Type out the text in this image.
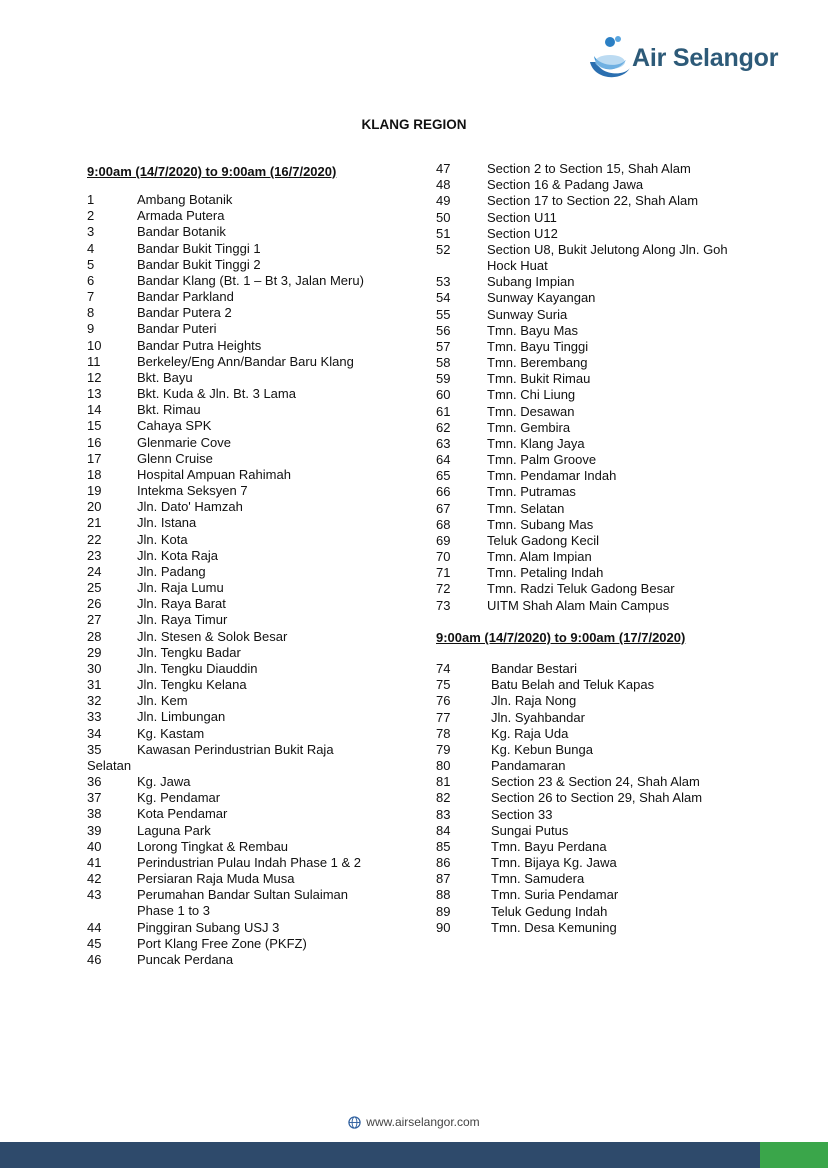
Air Selangor
KLANG REGION
9:00am (14/7/2020) to 9:00am (16/7/2020)
9:00am (14/7/2020) to 9:00am (17/7/2020)
1	Ambang Botanik
2	Armada Putera
3	Bandar Botanik
4	Bandar Bukit Tinggi 1
5	Bandar Bukit Tinggi 2
6	Bandar Klang (Bt. 1 – Bt 3, Jalan Meru)
7	Bandar Parkland
8	Bandar Putera 2
9	Bandar Puteri
10	Bandar Putra Heights
11	Berkeley/Eng Ann/Bandar Baru Klang
12	Bkt. Bayu
13	Bkt. Kuda & Jln. Bt. 3 Lama
14	Bkt. Rimau
15	Cahaya SPK
16	Glenmarie Cove
17	Glenn Cruise
18	Hospital Ampuan Rahimah
19	Intekma Seksyen 7
20	Jln. Dato' Hamzah
21	Jln. Istana
22	Jln. Kota
23	Jln. Kota Raja
24	Jln. Padang
25	Jln. Raja Lumu
26	Jln. Raya Barat
27	Jln. Raya Timur
28	Jln. Stesen & Solok Besar
29	Jln. Tengku Badar
30	Jln. Tengku Diauddin
31	Jln. Tengku Kelana
32	Jln. Kem
33	Jln. Limbungan
34	Kg. Kastam
35	Kawasan Perindustrian Bukit Raja
Selatan
36	Kg. Jawa
37	Kg. Pendamar
38	Kota Pendamar
39	Laguna Park
40	Lorong Tingkat & Rembau
41	Perindustrian Pulau Indah Phase 1 & 2
42	Persiaran Raja Muda Musa
43	Perumahan Bandar Sultan Sulaiman
Phase 1 to 3
44	Pinggiran Subang USJ 3
45	Port Klang Free Zone (PKFZ)
46	Puncak Perdana
47	Section 2 to Section 15, Shah Alam
48	Section 16 & Padang Jawa
49	Section 17 to Section 22, Shah Alam
50	Section U11
51	Section U12
52	Section U8, Bukit Jelutong Along Jln. Goh
Hock Huat
53	Subang Impian
54	Sunway Kayangan
55	Sunway Suria
56	Tmn. Bayu Mas
57	Tmn. Bayu Tinggi
58	Tmn. Berembang
59	Tmn. Bukit Rimau
60	Tmn. Chi Liung
61	Tmn. Desawan
62	Tmn. Gembira
63	Tmn. Klang Jaya
64	Tmn. Palm Groove
65	Tmn. Pendamar Indah
66	Tmn. Putramas
67	Tmn. Selatan
68	Tmn. Subang Mas
69	Teluk Gadong Kecil
70	Tmn. Alam Impian
71	Tmn. Petaling Indah
72	Tmn. Radzi Teluk Gadong Besar
73	UITM Shah Alam Main Campus
74	Bandar Bestari
75	Batu Belah and Teluk Kapas
76	Jln. Raja Nong
77	Jln. Syahbandar
78	Kg. Raja Uda
79	Kg. Kebun Bunga
80	Pandamaran
81	Section 23 & Section 24, Shah Alam
82	Section 26 to Section 29, Shah Alam
83	Section 33
84	Sungai Putus
85	Tmn. Bayu Perdana
86	Tmn. Bijaya Kg. Jawa
87	Tmn. Samudera
88	Tmn. Suria Pendamar
89	Teluk Gedung Indah
90	Tmn. Desa Kemuning
www.airselangor.com
